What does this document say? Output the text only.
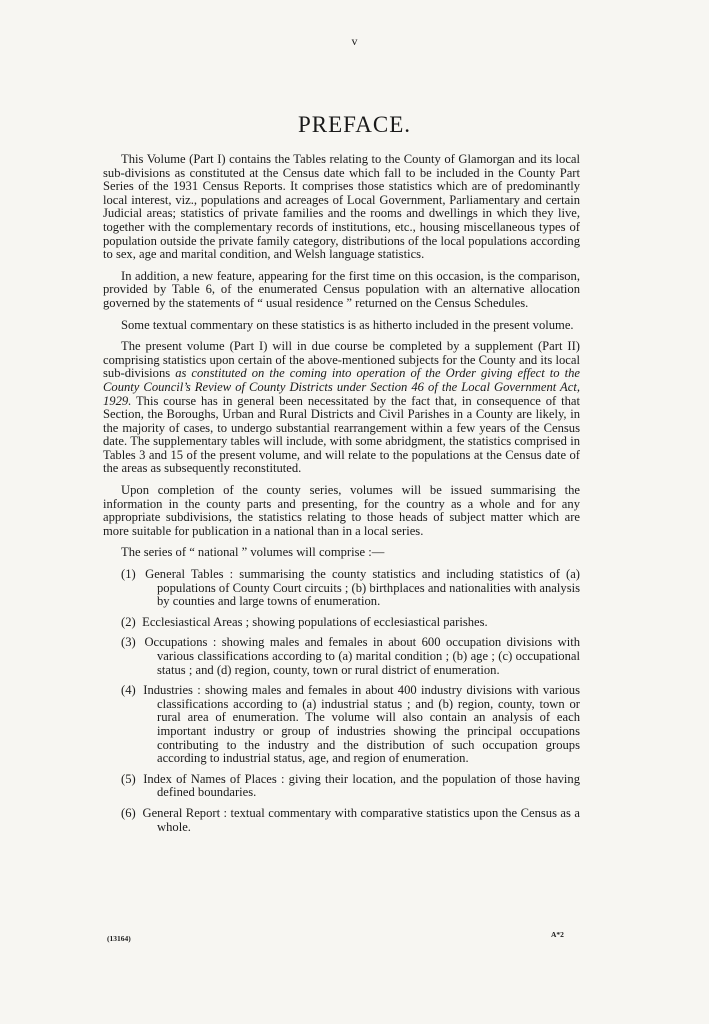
v
PREFACE.

This Volume (Part I) contains the Tables relating to the County of Glamorgan and its local sub-divisions as constituted at the Census date which fall to be included in the County Part Series of the 1931 Census Reports. It comprises those statistics which are of predominantly local interest, viz., populations and acreages of Local Government, Parliamentary and certain Judicial areas; statistics of private families and the rooms and dwellings in which they live, together with the complementary records of institutions, etc., housing miscellaneous types of population outside the private family category, distributions of the local populations according to sex, age and marital condition, and Welsh language statistics.

In addition, a new feature, appearing for the first time on this occasion, is the comparison, provided by Table 6, of the enumerated Census population with an alternative allocation governed by the statements of “ usual residence ” returned on the Census Schedules.

Some textual commentary on these statistics is as hitherto included in the present volume.

The present volume (Part I) will in due course be completed by a supplement (Part II) comprising statistics upon certain of the above-mentioned subjects for the County and its local sub-divisions as constituted on the coming into operation of the Order giving effect to the County Council’s Review of County Districts under Section 46 of the Local Government Act, 1929. This course has in general been necessitated by the fact that, in consequence of that Section, the Boroughs, Urban and Rural Districts and Civil Parishes in a County are likely, in the majority of cases, to undergo substantial rearrangement within a few years of the Census date. The supplementary tables will include, with some abridgment, the statistics comprised in Tables 3 and 15 of the present volume, and will relate to the populations at the Census date of the areas as subsequently reconstituted.

Upon completion of the county series, volumes will be issued summarising the information in the county parts and presenting, for the country as a whole and for any appropriate subdivisions, the statistics relating to those heads of subject matter which are more suitable for publication in a national than in a local series.

The series of “ national ” volumes will comprise :—

(1) General Tables : summarising the county statistics and including statistics of (a) populations of County Court circuits ; (b) birthplaces and nationalities with analysis by counties and large towns of enumeration.
(2) Ecclesiastical Areas ; showing populations of ecclesiastical parishes.
(3) Occupations : showing males and females in about 600 occupation divisions with various classifications according to (a) marital condition ; (b) age ; (c) occupational status ; and (d) region, county, town or rural district of enumeration.
(4) Industries : showing males and females in about 400 industry divisions with various classifications according to (a) industrial status ; and (b) region, county, town or rural area of enumeration. The volume will also contain an analysis of each important industry or group of industries showing the principal occupations contributing to the industry and the distribution of such occupation groups according to industrial status, age, and region of enumeration.
(5) Index of Names of Places : giving their location, and the population of those having defined boundaries.
(6) General Report : textual commentary with comparative statistics upon the Census as a whole.
(13164)	A*2
